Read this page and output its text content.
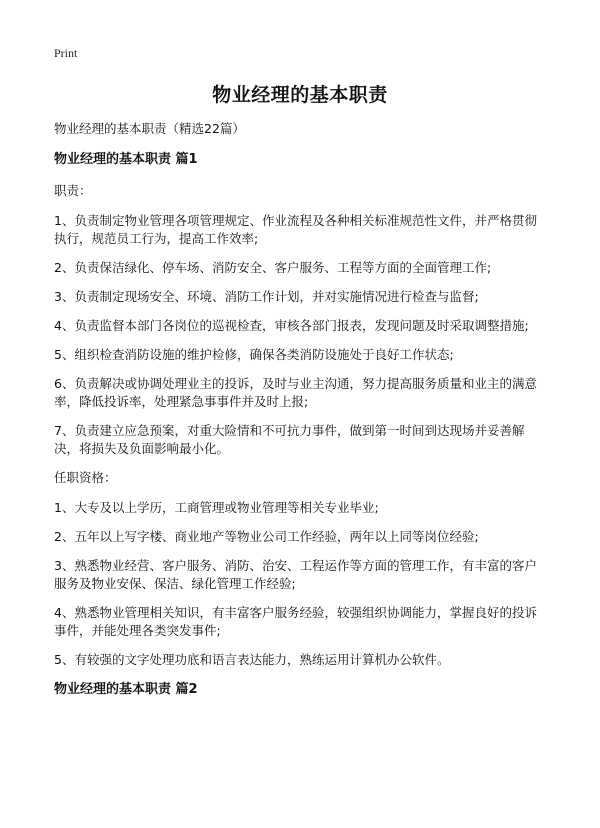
Print
物业经理的基本职责

物业经理的基本职责（精选22篇）

物业经理的基本职责 篇1

职责：

1、负责制定物业管理各项管理规定、作业流程及各种相关标准规范性文件，并严格贯彻执行，规范员工行为，提高工作效率;

2、负责保洁绿化、停车场、消防安全、客户服务、工程等方面的全面管理工作;

3、负责制定现场安全、环境、消防工作计划，并对实施情况进行检查与监督;

4、负责监督本部门各岗位的巡视检查，审核各部门报表，发现问题及时采取调整措施;

5、组织检查消防设施的维护检修，确保各类消防设施处于良好工作状态;

6、负责解决或协调处理业主的投诉，及时与业主沟通，努力提高服务质量和业主的满意率，降低投诉率，处理紧急事事件并及时上报;

7、负责建立应急预案，对重大险情和不可抗力事件，做到第一时间到达现场并妥善解决，将损失及负面影响最小化。

任职资格：

1、大专及以上学历，工商管理或物业管理等相关专业毕业;

2、五年以上写字楼、商业地产等物业公司工作经验，两年以上同等岗位经验;

3、熟悉物业经营、客户服务、消防、治安、工程运作等方面的管理工作，有丰富的客户服务及物业安保、保洁、绿化管理工作经验;

4、熟悉物业管理相关知识，有丰富客户服务经验，较强组织协调能力，掌握良好的投诉事件，并能处理各类突发事件;

5、有较强的文字处理功底和语言表达能力，熟练运用计算机办公软件。

物业经理的基本职责 篇2
